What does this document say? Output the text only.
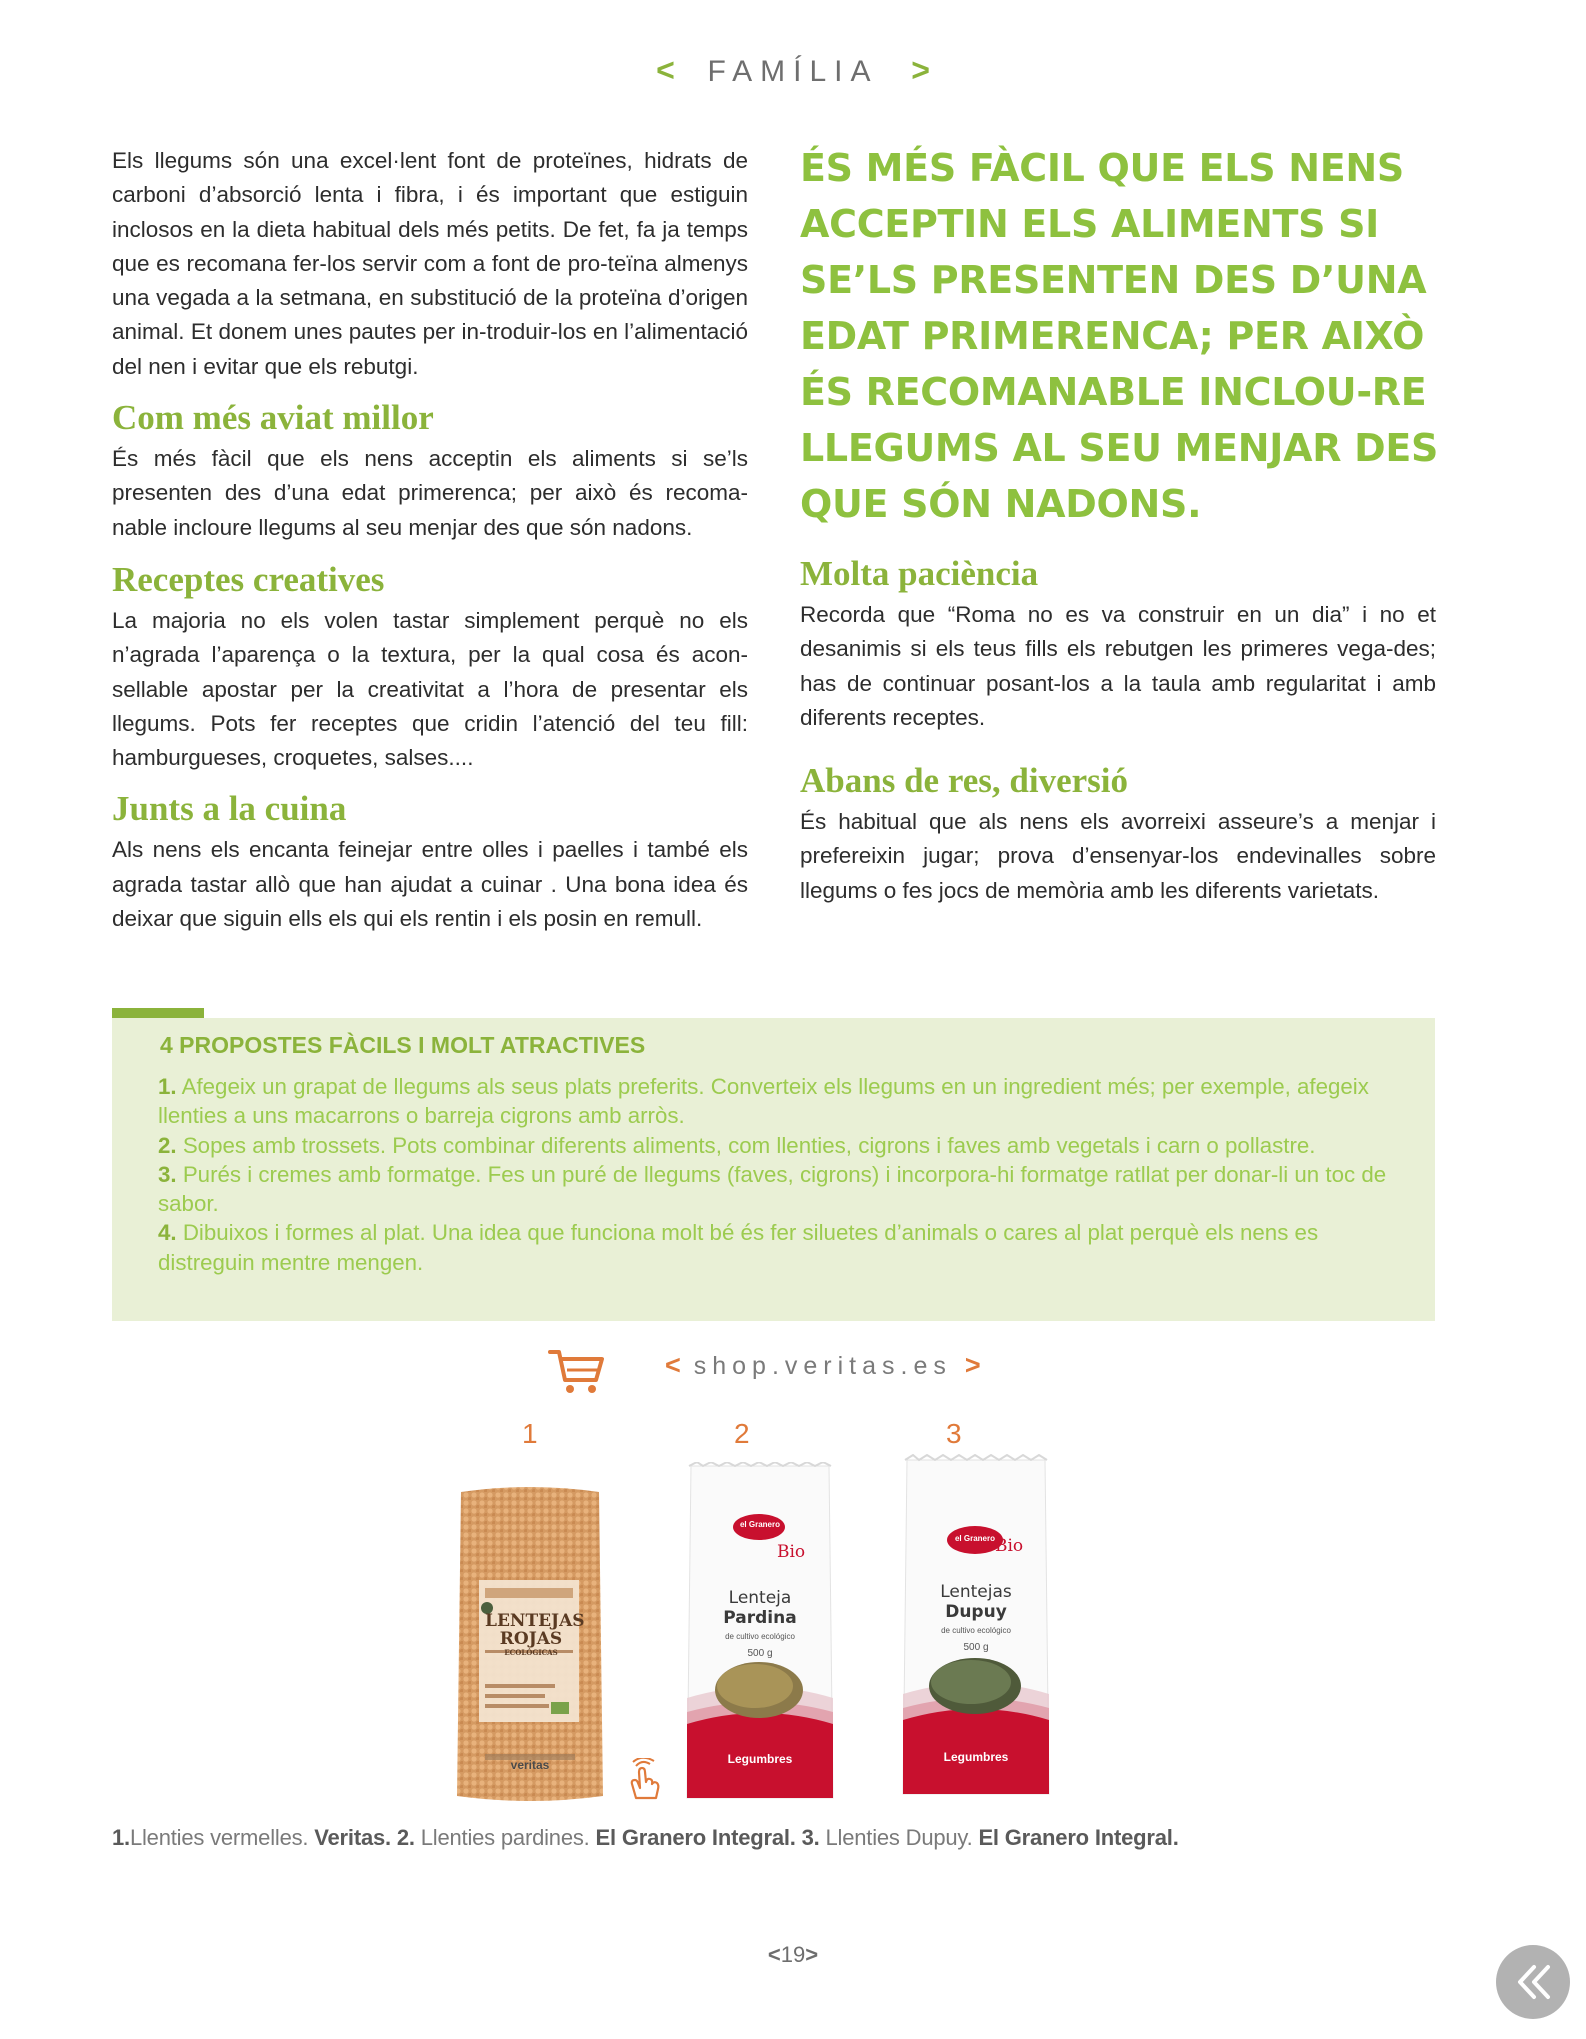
< FAMÍLIA >

Els llegums són una excel·lent font de proteïnes, hidrats de carboni d’absorció lenta i fibra, i és important que estiguin inclosos en la dieta habitual dels més petits. De fet, fa ja temps que es recomana fer-los servir com a font de pro-teïna almenys una vegada a la setmana, en substitució de la proteïna d’origen animal. Et donem unes pautes per in-troduir-los en l’alimentació del nen i evitar que els rebutgi.

Com més aviat millor

És més fàcil que els nens acceptin els aliments si se’ls presenten des d’una edat primerenca; per això és recoma-nable incloure llegums al seu menjar des que són nadons.

Receptes creatives

La majoria no els volen tastar simplement perquè no els n’agrada l’aparença o la textura, per la qual cosa és acon-sellable apostar per la creativitat a l’hora de presentar els llegums. Pots fer receptes que cridin l’atenció del teu fill: hamburgueses, croquetes, salses....

Junts a la cuina

Als nens els encanta feinejar entre olles i paelles i també els agrada tastar allò que han ajudat a cuinar . Una bona idea és deixar que siguin ells els qui els rentin i els posin en remull.

ÉS MÉS FÀCIL QUE ELS NENS ACCEPTIN ELS ALIMENTS SI SE’LS PRESENTEN DES D’UNA EDAT PRIMERENCA; PER AIXÒ ÉS RECOMANABLE INCLOU-RE LLEGUMS AL SEU MENJAR DES QUE SÓN NADONS.
Molta paciència

Recorda que “Roma no es va construir en un dia” i no et desanimis si els teus fills els rebutgen les primeres vega-des; has de continuar posant-los a la taula amb regularitat i amb diferents receptes.

Abans de res, diversió

És habitual que als nens els avorreixi asseure’s a menjar i prefereixin jugar; prova d’ensenyar-los endevinalles sobre llegums o fes jocs de memòria amb les diferents varietats.

4 PROPOSTES FÀCILS I MOLT ATRACTIVES
1. Afegeix un grapat de llegums als seus plats preferits. Converteix els llegums en un ingredient més; per exemple, afegeix llenties a uns macarrons o barreja cigrons amb arròs.
2. Sopes amb trossets. Pots combinar diferents aliments, com llenties, cigrons i faves amb vegetals i carn o pollastre.
3. Purés i cremes amb formatge. Fes un puré de llegums (faves, cigrons) i incorpora-hi formatge ratllat per donar-li un toc de sabor.
4. Dibuixos i formes al plat. Una idea que funciona molt bé és fer siluetes d’animals o cares al plat perquè els nens es distreguin mentre mengen.
< shop.veritas.es >
1	2	3
LENTEJAS
ROJAS
ECOLÓGICAS
veritas
el Granero
Bio
Lenteja
Pardina
de cultivo ecológico
500 g
Legumbres
el Granero Bio
Lentejas
Dupuy
de cultivo ecológico
500 g
Legumbres
1.Llenties vermelles. Veritas. 2. Llenties pardines. El Granero Integral. 3. Llenties Dupuy. El Granero Integral.
<19>
